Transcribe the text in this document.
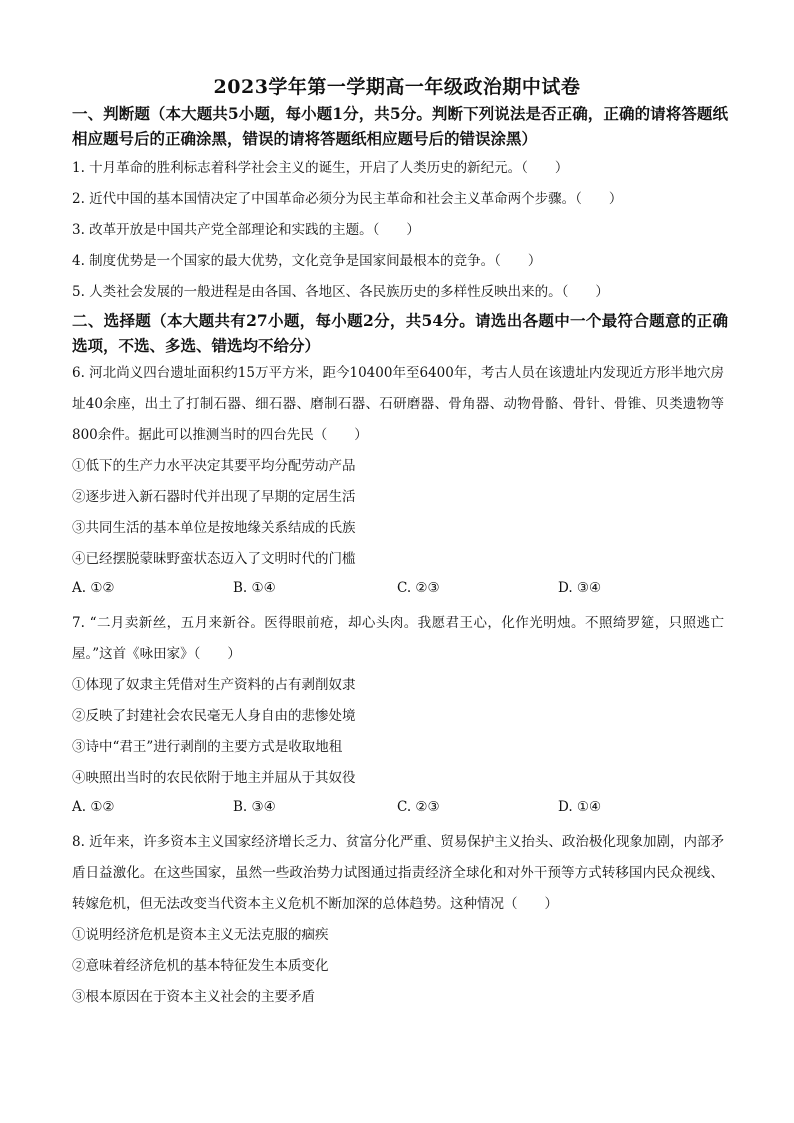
2023学年第一学期高一年级政治期中试卷
一、判断题（本大题共5小题，每小题1分，共5分。判断下列说法是否正确，正确的请将答题纸相应题号后的正确涂黑，错误的请将答题纸相应题号后的错误涂黑）
1. 十月革命的胜利标志着科学社会主义的诞生，开启了人类历史的新纪元。（　　）
2. 近代中国的基本国情决定了中国革命必须分为民主革命和社会主义革命两个步骤。（　　）
3. 改革开放是中国共产党全部理论和实践的主题。（　　）
4. 制度优势是一个国家的最大优势，文化竞争是国家间最根本的竞争。（　　）
5. 人类社会发展的一般进程是由各国、各地区、各民族历史的多样性反映出来的。（　　）
二、选择题（本大题共有27小题，每小题2分，共54分。请选出各题中一个最符合题意的正确选项，不选、多选、错选均不给分）
6. 河北尚义四台遗址面积约15万平方米，距今10400年至6400年，考古人员在该遗址内发现近方形半地穴房址40余座，出土了打制石器、细石器、磨制石器、石研磨器、骨角器、动物骨骼、骨针、骨锥、贝类遗物等800余件。据此可以推测当时的四台先民（　　）
①低下的生产力水平决定其要平均分配劳动产品
②逐步进入新石器时代并出现了早期的定居生活
③共同生活的基本单位是按地缘关系结成的氏族
④已经摆脱蒙昧野蛮状态迈入了文明时代的门槛
A. ①②	B. ①④	C. ②③	D. ③④
7. “二月卖新丝，五月来新谷。医得眼前疮，却心头肉。我愿君王心，化作光明烛。不照绮罗筵，只照逃亡屋。”这首《咏田家》（　　）
①体现了奴隶主凭借对生产资料的占有剥削奴隶
②反映了封建社会农民毫无人身自由的悲惨处境
③诗中“君王”进行剥削的主要方式是收取地租
④映照出当时的农民依附于地主并屈从于其奴役
A. ①②	B. ③④	C. ②③	D. ①④
8. 近年来，许多资本主义国家经济增长乏力、贫富分化严重、贸易保护主义抬头、政治极化现象加剧，内部矛盾日益激化。在这些国家，虽然一些政治势力试图通过指责经济全球化和对外干预等方式转移国内民众视线、转嫁危机，但无法改变当代资本主义危机不断加深的总体趋势。这种情况（　　）
①说明经济危机是资本主义无法克服的痼疾
②意味着经济危机的基本特征发生本质变化
③根本原因在于资本主义社会的主要矛盾
